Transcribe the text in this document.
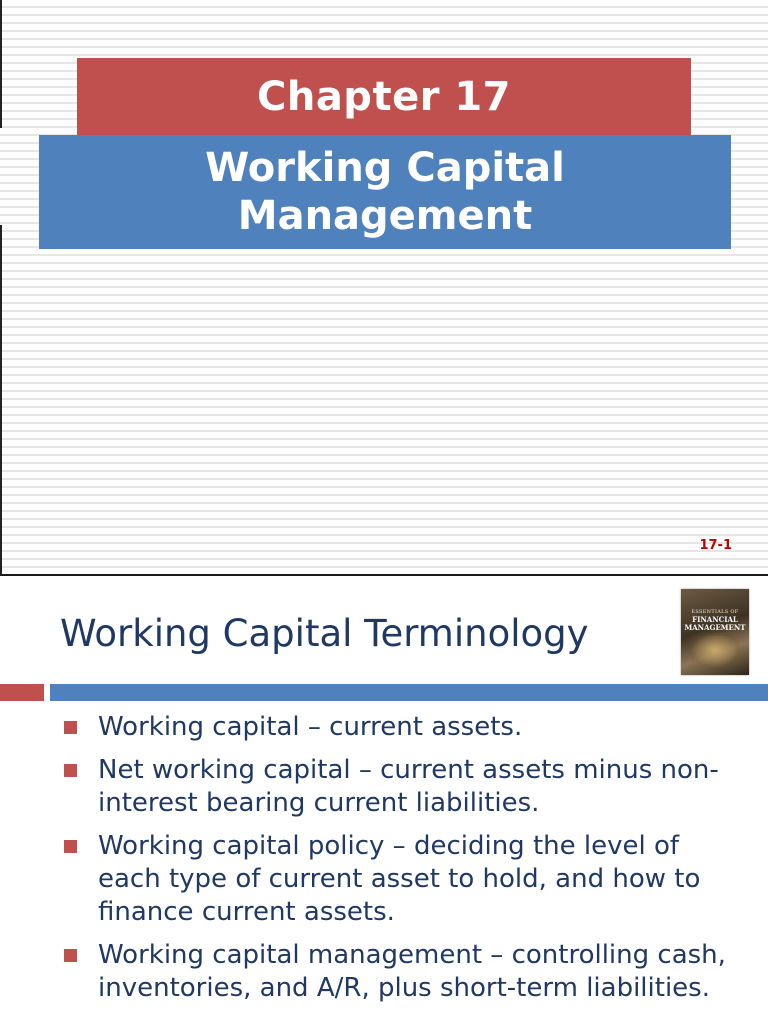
Chapter 17
Working Capital
Management
17-1
Working Capital Terminology	ESSENTIALS OF
FINANCIAL
MANAGEMENT
Working capital – current assets.
Net working capital – current assets minus non-interest bearing current liabilities.
Working capital policy – deciding the level of each type of current asset to hold, and how to finance current assets.
Working capital management – controlling cash, inventories, and A/R, plus short-term liabilities.
